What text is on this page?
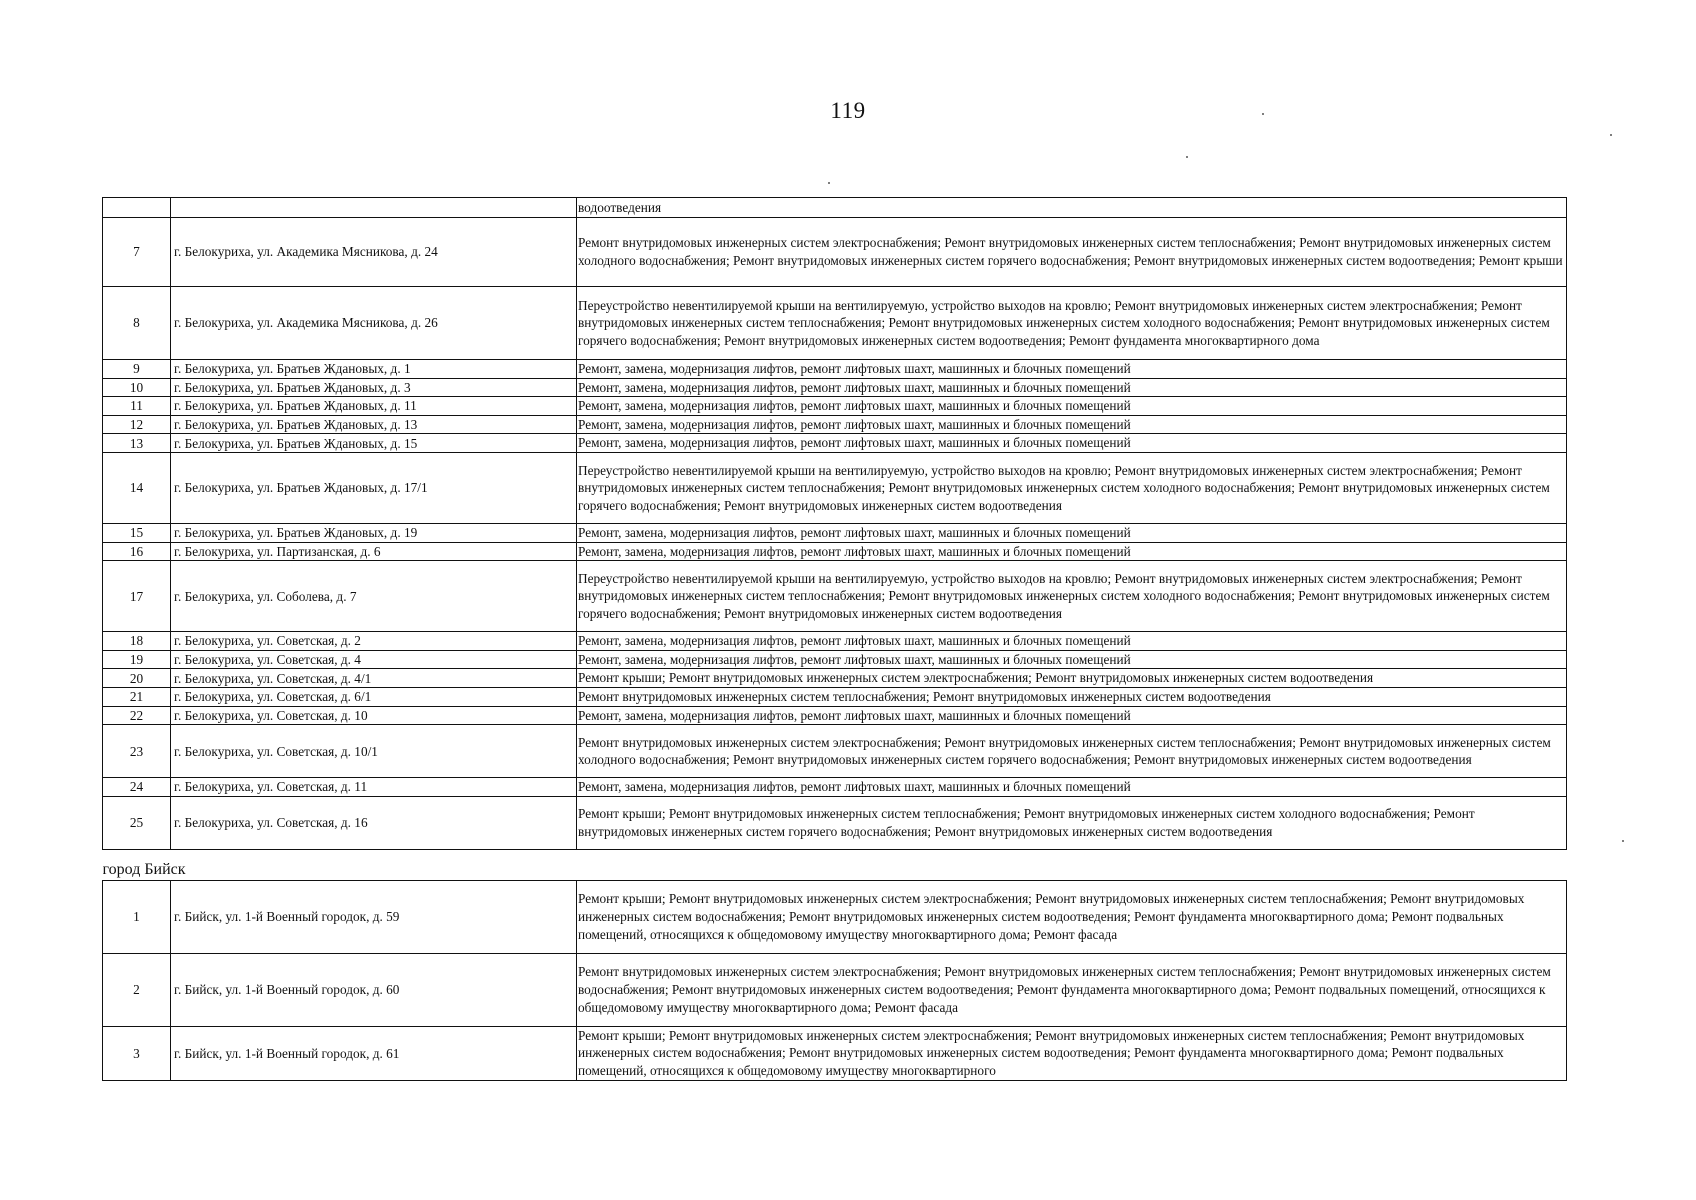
119
		водоотведения
7	г. Белокуриха, ул. Академика Мясникова, д. 24	Ремонт внутридомовых инженерных систем электроснабжения; Ремонт внутридомовых инженерных систем теплоснабжения; Ремонт внутридомовых инженерных систем холодного водоснабжения; Ремонт внутридомовых инженерных систем горячего водоснабжения; Ремонт внутридомовых инженерных систем водоотведения; Ремонт крыши
8	г. Белокуриха, ул. Академика Мясникова, д. 26	Переустройство невентилируемой крыши на вентилируемую, устройство выходов на кровлю; Ремонт внутридомовых инженерных систем электроснабжения; Ремонт внутридомовых инженерных систем теплоснабжения; Ремонт внутридомовых инженерных систем холодного водоснабжения; Ремонт внутридомовых инженерных систем горячего водоснабжения; Ремонт внутридомовых инженерных систем водоотведения; Ремонт фундамента многоквартирного дома
9	г. Белокуриха, ул. Братьев Ждановых, д. 1	Ремонт, замена, модернизация лифтов, ремонт лифтовых шахт, машинных и блочных помещений
10	г. Белокуриха, ул. Братьев Ждановых, д. 3	Ремонт, замена, модернизация лифтов, ремонт лифтовых шахт, машинных и блочных помещений
11	г. Белокуриха, ул. Братьев Ждановых, д. 11	Ремонт, замена, модернизация лифтов, ремонт лифтовых шахт, машинных и блочных помещений
12	г. Белокуриха, ул. Братьев Ждановых, д. 13	Ремонт, замена, модернизация лифтов, ремонт лифтовых шахт, машинных и блочных помещений
13	г. Белокуриха, ул. Братьев Ждановых, д. 15	Ремонт, замена, модернизация лифтов, ремонт лифтовых шахт, машинных и блочных помещений
14	г. Белокуриха, ул. Братьев Ждановых, д. 17/1	Переустройство невентилируемой крыши на вентилируемую, устройство выходов на кровлю; Ремонт внутридомовых инженерных систем электроснабжения; Ремонт внутридомовых инженерных систем теплоснабжения; Ремонт внутридомовых инженерных систем холодного водоснабжения; Ремонт внутридомовых инженерных систем горячего водоснабжения; Ремонт внутридомовых инженерных систем водоотведения
15	г. Белокуриха, ул. Братьев Ждановых, д. 19	Ремонт, замена, модернизация лифтов, ремонт лифтовых шахт, машинных и блочных помещений
16	г. Белокуриха, ул. Партизанская, д. 6	Ремонт, замена, модернизация лифтов, ремонт лифтовых шахт, машинных и блочных помещений
17	г. Белокуриха, ул. Соболева, д. 7	Переустройство невентилируемой крыши на вентилируемую, устройство выходов на кровлю; Ремонт внутридомовых инженерных систем электроснабжения; Ремонт внутридомовых инженерных систем теплоснабжения; Ремонт внутридомовых инженерных систем холодного водоснабжения; Ремонт внутридомовых инженерных систем горячего водоснабжения; Ремонт внутридомовых инженерных систем водоотведения
18	г. Белокуриха, ул. Советская, д. 2	Ремонт, замена, модернизация лифтов, ремонт лифтовых шахт, машинных и блочных помещений
19	г. Белокуриха, ул. Советская, д. 4	Ремонт, замена, модернизация лифтов, ремонт лифтовых шахт, машинных и блочных помещений
20	г. Белокуриха, ул. Советская, д. 4/1	Ремонт крыши; Ремонт внутридомовых инженерных систем электроснабжения; Ремонт внутридомовых инженерных систем водоотведения
21	г. Белокуриха, ул. Советская, д. 6/1	Ремонт внутридомовых инженерных систем теплоснабжения; Ремонт внутридомовых инженерных систем водоотведения
22	г. Белокуриха, ул. Советская, д. 10	Ремонт, замена, модернизация лифтов, ремонт лифтовых шахт, машинных и блочных помещений
23	г. Белокуриха, ул. Советская, д. 10/1	Ремонт внутридомовых инженерных систем электроснабжения; Ремонт внутридомовых инженерных систем теплоснабжения; Ремонт внутридомовых инженерных систем холодного водоснабжения; Ремонт внутридомовых инженерных систем горячего водоснабжения; Ремонт внутридомовых инженерных систем водоотведения
24	г. Белокуриха, ул. Советская, д. 11	Ремонт, замена, модернизация лифтов, ремонт лифтовых шахт, машинных и блочных помещений
25	г. Белокуриха, ул. Советская, д. 16	Ремонт крыши; Ремонт внутридомовых инженерных систем теплоснабжения; Ремонт внутридомовых инженерных систем холодного водоснабжения; Ремонт внутридомовых инженерных систем горячего водоснабжения; Ремонт внутридомовых инженерных систем водоотведения
город Бийск		
1	г. Бийск, ул. 1-й Военный городок, д. 59	Ремонт крыши; Ремонт внутридомовых инженерных систем электроснабжения; Ремонт внутридомовых инженерных систем теплоснабжения; Ремонт внутридомовых инженерных систем водоснабжения; Ремонт внутридомовых инженерных систем водоотведения; Ремонт фундамента многоквартирного дома; Ремонт подвальных помещений, относящихся к общедомовому имуществу многоквартирного дома; Ремонт фасада
2	г. Бийск, ул. 1-й Военный городок, д. 60	Ремонт внутридомовых инженерных систем электроснабжения; Ремонт внутридомовых инженерных систем теплоснабжения; Ремонт внутридомовых инженерных систем водоснабжения; Ремонт внутридомовых инженерных систем водоотведения; Ремонт фундамента многоквартирного дома; Ремонт подвальных помещений, относящихся к общедомовому имуществу многоквартирного дома; Ремонт фасада
3	г. Бийск, ул. 1-й Военный городок, д. 61	Ремонт крыши; Ремонт внутридомовых инженерных систем электроснабжения; Ремонт внутридомовых инженерных систем теплоснабжения; Ремонт внутридомовых инженерных систем водоснабжения; Ремонт внутридомовых инженерных систем водоотведения; Ремонт фундамента многоквартирного дома; Ремонт подвальных помещений, относящихся к общедомовому имуществу многоквартирного
